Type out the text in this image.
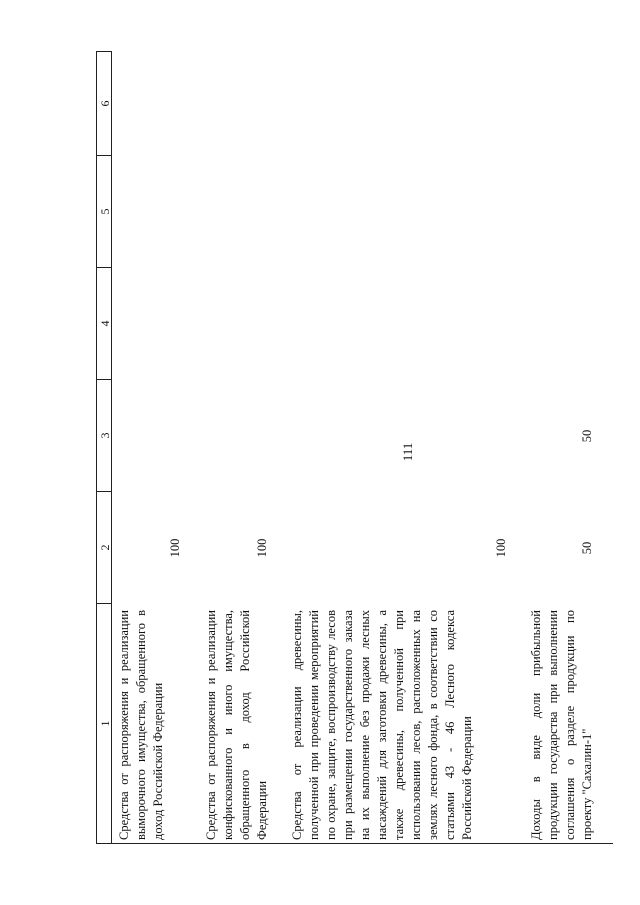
111
1
2
3
4
5
6
Средства от распоряжения и реализации выморочного имущества, обращенного в доход Российской Федерации
100
Средства от распоряжения и реализации конфискованного и иного имущества, обращенного в доход Российской Федерации
100
Средства от реализации древесины, полученной при проведении мероприятий по охране, защите, воспроизводству лесов при размещении государственного заказа на их выполнение без продажи лесных насаждений для заготовки древесины, а также древесины, полученной при использовании лесов, расположенных на землях лесного фонда, в соответствии со статьями 43 - 46 Лесного кодекса Российской Федерации
100
Доходы в виде доли прибыльной продукции государства при выполнении соглашения о разделе продукции по проекту "Сахалин-1"
50
50
